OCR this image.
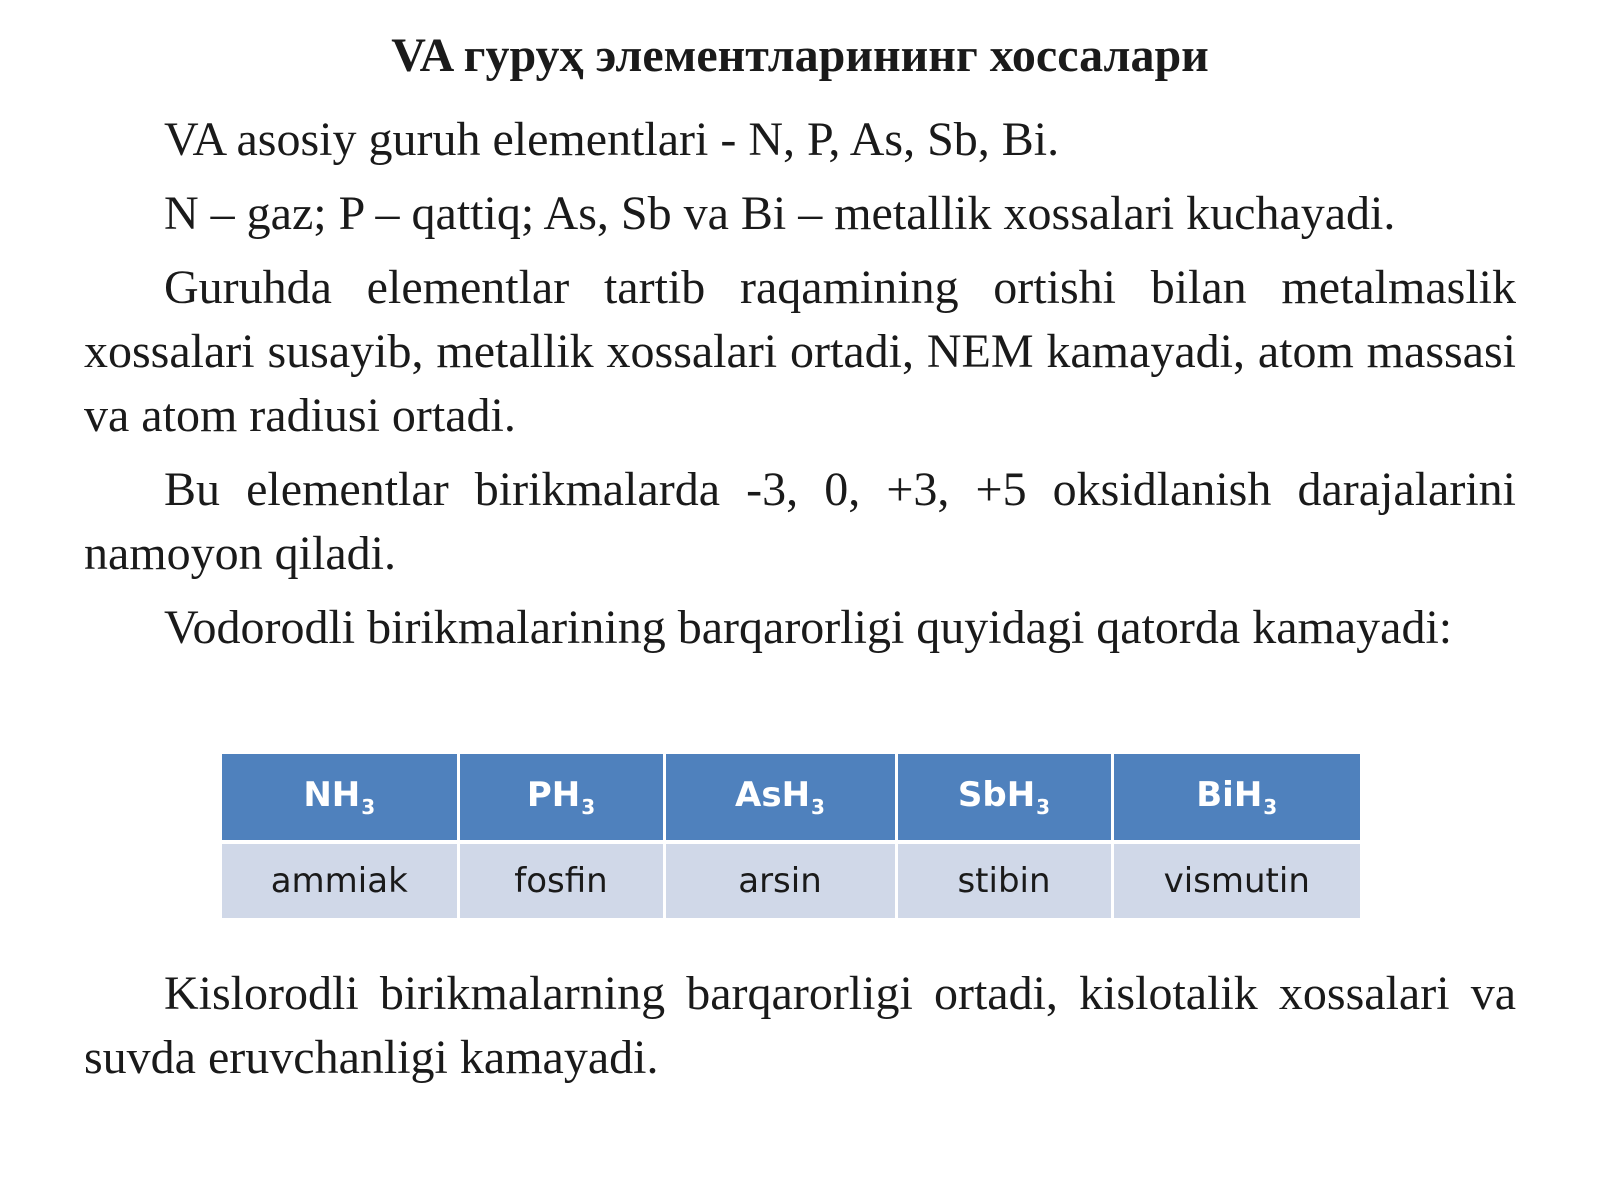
VA гуруҳ элементларининг хоссалари

VA asosiy guruh elementlari - N, P, As, Sb, Bi.

N – gaz; P – qattiq; As, Sb va Bi – metallik xossalari kuchayadi.

Guruhda elementlar tartib raqamining ortishi bilan metalmaslik xossalari susayib, metallik xossalari ortadi, NEM kamayadi, atom massasi va atom radiusi ortadi.

Bu elementlar birikmalarda -3, 0, +3, +5 oksidlanish darajalarini namoyon qiladi.

Vodorodli birikmalarining barqarorligi quyidagi qatorda kamayadi:

$NH_3$	$PH_3$	AsH$_3$	SbH$_3$	BiH$_3$
ammiak	fosfin	arsin	stibin	vismutin

Kislorodli birikmalarning barqarorligi ortadi, kislotalik xossalari va suvda eruvchanligi kamayadi.
